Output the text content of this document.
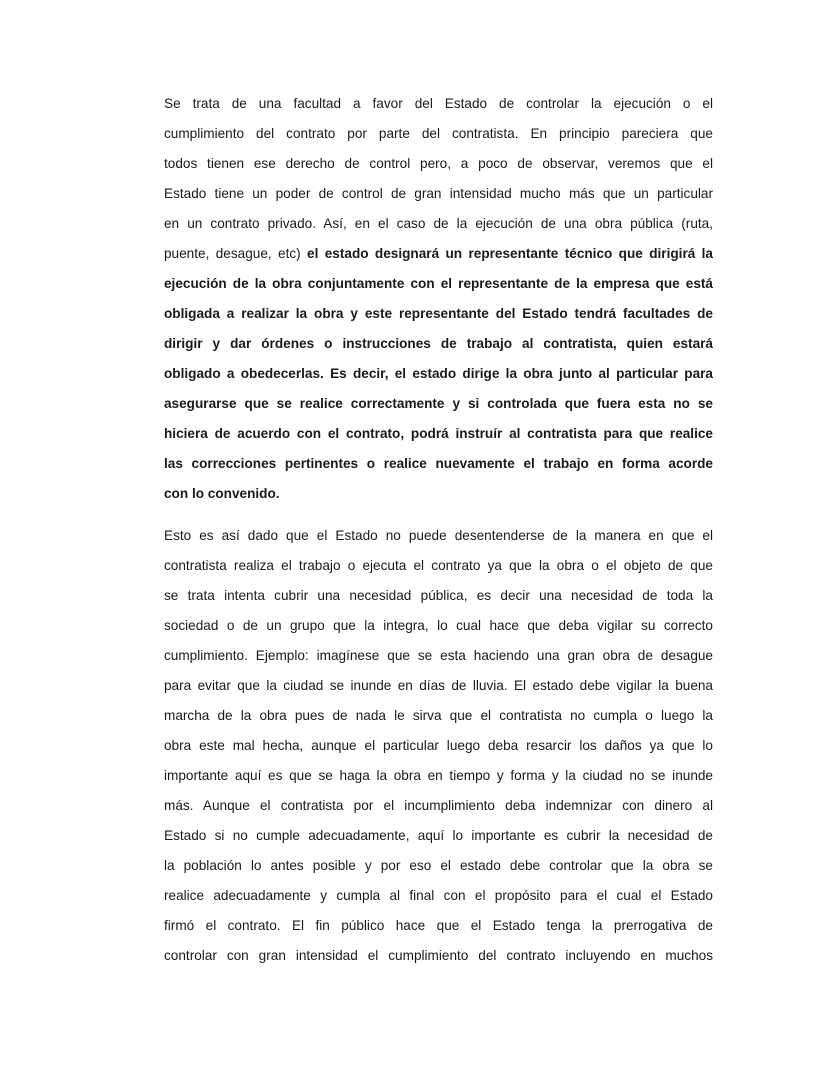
Se trata de una facultad a favor del Estado de controlar la ejecución o el
cumplimiento del contrato por parte del contratista. En principio pareciera que
todos tienen ese derecho de control pero, a poco de observar, veremos que el
Estado tiene un poder de control de gran intensidad mucho más que un particular
en un contrato privado. Así, en el caso de la ejecución de una obra pública (ruta,
puente, desague, etc) el estado designará un representante técnico que dirigirá la
ejecución de la obra conjuntamente con el representante de la empresa que está
obligada a realizar la obra y este representante del Estado tendrá facultades de
dirigir y dar órdenes o instrucciones de trabajo al contratista, quien estará
obligado a obedecerlas. Es decir, el estado dirige la obra junto al particular para
asegurarse que se realice correctamente y si controlada que fuera esta no se
hiciera de acuerdo con el contrato, podrá instruír al contratista para que realice
las correcciones pertinentes o realice nuevamente el trabajo en forma acorde
con lo convenido.
Esto es así dado que el Estado no puede desentenderse de la manera en que el
contratista realiza el trabajo o ejecuta el contrato ya que la obra o el objeto de que
se trata intenta cubrir una necesidad pública, es decir una necesidad de toda la
sociedad o de un grupo que la integra, lo cual hace que deba vigilar su correcto
cumplimiento. Ejemplo: imagínese que se esta haciendo una gran obra de desague
para evitar que la ciudad se inunde en días de lluvia. El estado debe vigilar la buena
marcha de la obra pues de nada le sirva que el contratista no cumpla o luego la
obra este mal hecha, aunque el particular luego deba resarcir los daños ya que lo
importante aquí es que se haga la obra en tiempo y forma y la ciudad no se inunde
más. Aunque el contratista por el incumplimiento deba indemnizar con dinero al
Estado si no cumple adecuadamente, aquí lo importante es cubrir la necesidad de
la población lo antes posible y por eso el estado debe controlar que la obra se
realice adecuadamente y cumpla al final con el propósito para el cual el Estado
firmó el contrato. El fin público hace que el Estado tenga la prerrogativa de
controlar con gran intensidad el cumplimiento del contrato incluyendo en muchos
